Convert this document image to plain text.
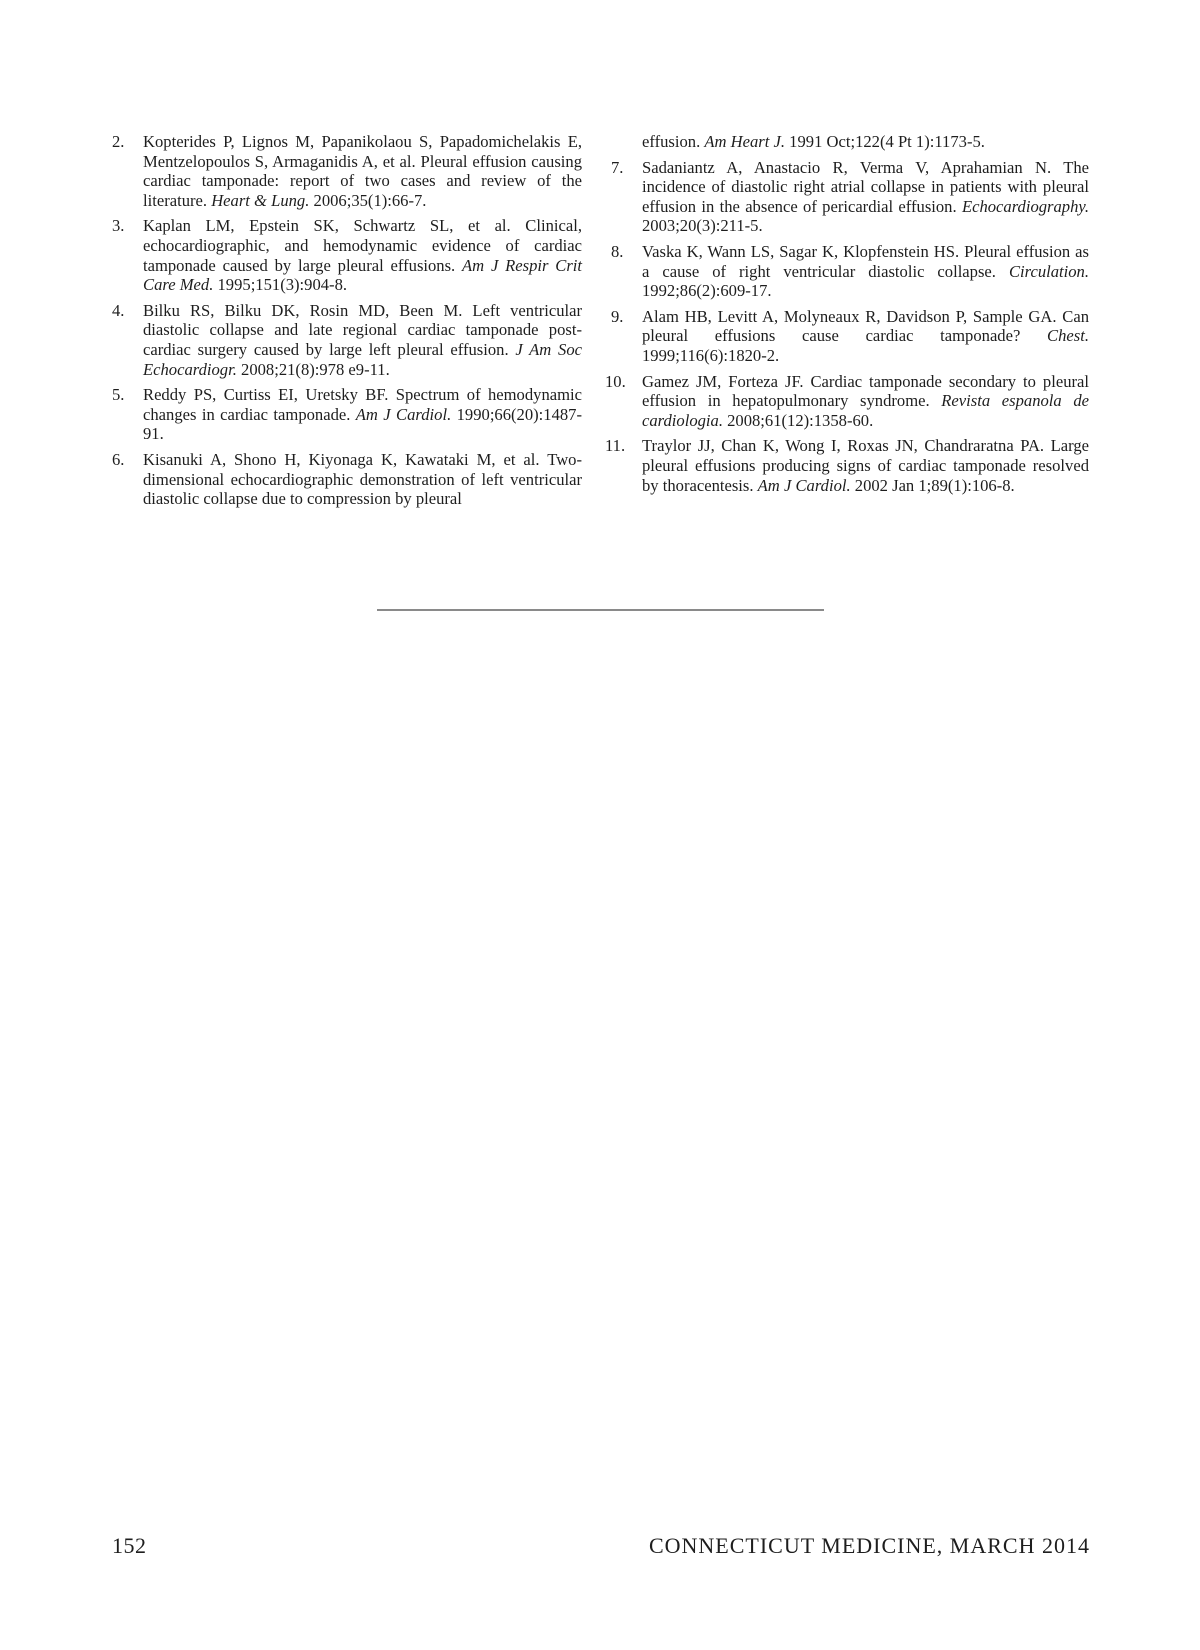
2.	Kopterides P, Lignos M, Papanikolaou S, Papadomichelakis E, Mentzelopoulos S, Armaganidis A, et al. Pleural effusion causing cardiac tamponade: report of two cases and review of the literature. Heart & Lung. 2006;35(1):66-7.
3.	Kaplan LM, Epstein SK, Schwartz SL, et al. Clinical, echocardiographic, and hemodynamic evidence of cardiac tamponade caused by large pleural effusions. Am J Respir Crit Care Med. 1995;151(3):904-8.
4.	Bilku RS, Bilku DK, Rosin MD, Been M. Left ventricular diastolic collapse and late regional cardiac tamponade post-cardiac surgery caused by large left pleural effusion. J Am Soc Echocardiogr. 2008;21(8):978 e9-11.
5.	Reddy PS, Curtiss EI, Uretsky BF. Spectrum of hemodynamic changes in cardiac tamponade. Am J Cardiol. 1990;66(20):1487-91.
6.	Kisanuki A, Shono H, Kiyonaga K, Kawataki M, et al. Two-dimensional echocardiographic demonstration of left ventricular diastolic collapse due to compression by pleural
effusion. Am Heart J. 1991 Oct;122(4 Pt 1):1173-5.
7.	Sadaniantz A, Anastacio R, Verma V, Aprahamian N. The incidence of diastolic right atrial collapse in patients with pleural effusion in the absence of pericardial effusion. Echocardiography. 2003;20(3):211-5.
8.	Vaska K, Wann LS, Sagar K, Klopfenstein HS. Pleural effusion as a cause of right ventricular diastolic collapse. Circulation. 1992;86(2):609-17.
9.	Alam HB, Levitt A, Molyneaux R, Davidson P, Sample GA. Can pleural effusions cause cardiac tamponade? Chest. 1999;116(6):1820-2.
10. Gamez JM, Forteza JF. Cardiac tamponade secondary to pleural effusion in hepatopulmonary syndrome. Revista espanola de cardiologia. 2008;61(12):1358-60.
11.	Traylor JJ, Chan K, Wong I, Roxas JN, Chandraratna PA. Large pleural effusions producing signs of cardiac tamponade resolved by thoracentesis. Am J Cardiol. 2002 Jan 1;89(1):106-8.
152	CONNECTICUT MEDICINE, MARCH 2014
